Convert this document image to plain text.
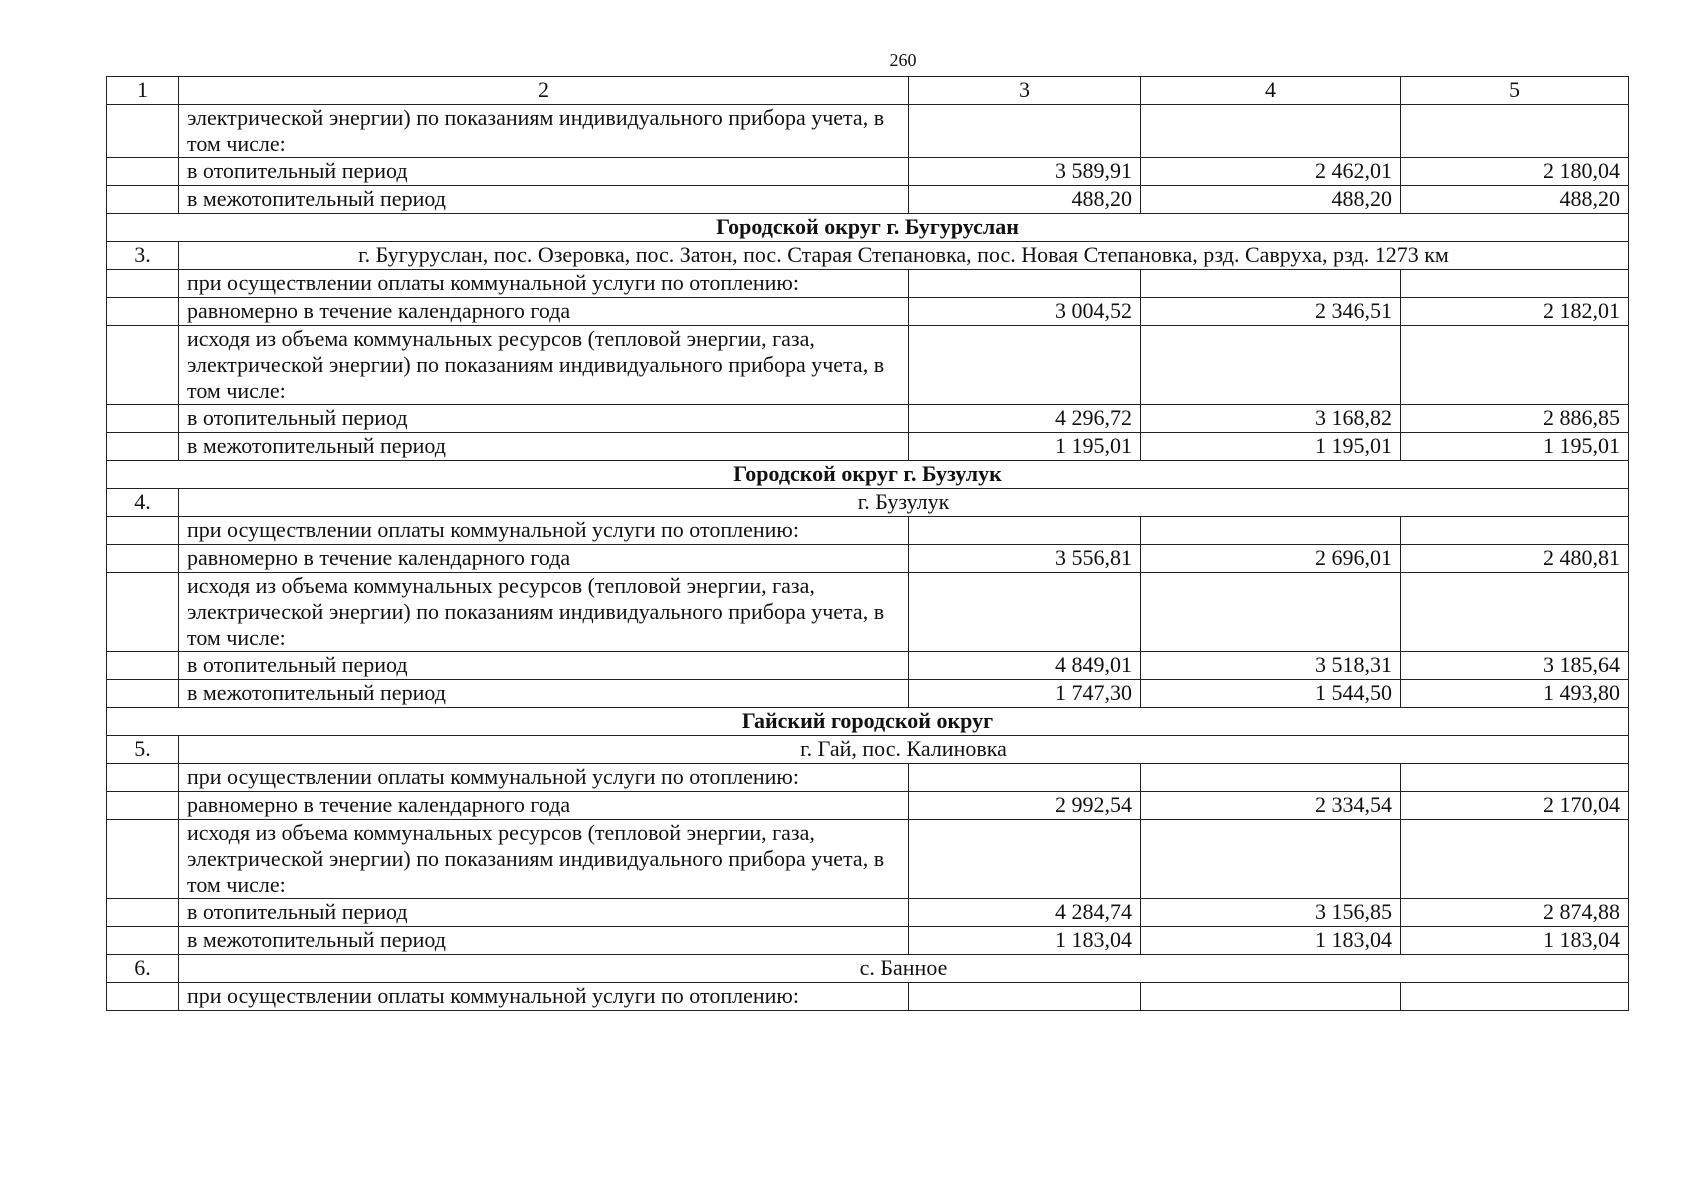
260
1	2	3	4	5
	электрической энергии) по показаниям индивидуального прибора учета, в том числе:			
	в отопительный период	3 589,91	2 462,01	2 180,04
	в межотопительный период	488,20	488,20	488,20
Городской округ г. Бугуруслан				
3.	г. Бугуруслан, пос. Озеровка, пос. Затон, пос. Старая Степановка, пос. Новая Степановка, рзд. Савруха, рзд. 1273 км			
	при осуществлении оплаты коммунальной услуги по отоплению:			
	равномерно в течение календарного года	3 004,52	2 346,51	2 182,01
	исходя из объема коммунальных ресурсов (тепловой энергии, газа, электрической энергии) по показаниям индивидуального прибора учета, в том числе:			
	в отопительный период	4 296,72	3 168,82	2 886,85
	в межотопительный период	1 195,01	1 195,01	1 195,01
Городской округ г. Бузулук				
4.	г. Бузулук			
	при осуществлении оплаты коммунальной услуги по отоплению:			
	равномерно в течение календарного года	3 556,81	2 696,01	2 480,81
	исходя из объема коммунальных ресурсов (тепловой энергии, газа, электрической энергии) по показаниям индивидуального прибора учета, в том числе:			
	в отопительный период	4 849,01	3 518,31	3 185,64
	в межотопительный период	1 747,30	1 544,50	1 493,80
Гайский городской округ				
5.	г. Гай, пос. Калиновка			
	при осуществлении оплаты коммунальной услуги по отоплению:			
	равномерно в течение календарного года	2 992,54	2 334,54	2 170,04
	исходя из объема коммунальных ресурсов (тепловой энергии, газа, электрической энергии) по показаниям индивидуального прибора учета, в том числе:			
	в отопительный период	4 284,74	3 156,85	2 874,88
	в межотопительный период	1 183,04	1 183,04	1 183,04
6.	с. Банное			
	при осуществлении оплаты коммунальной услуги по отоплению:			
